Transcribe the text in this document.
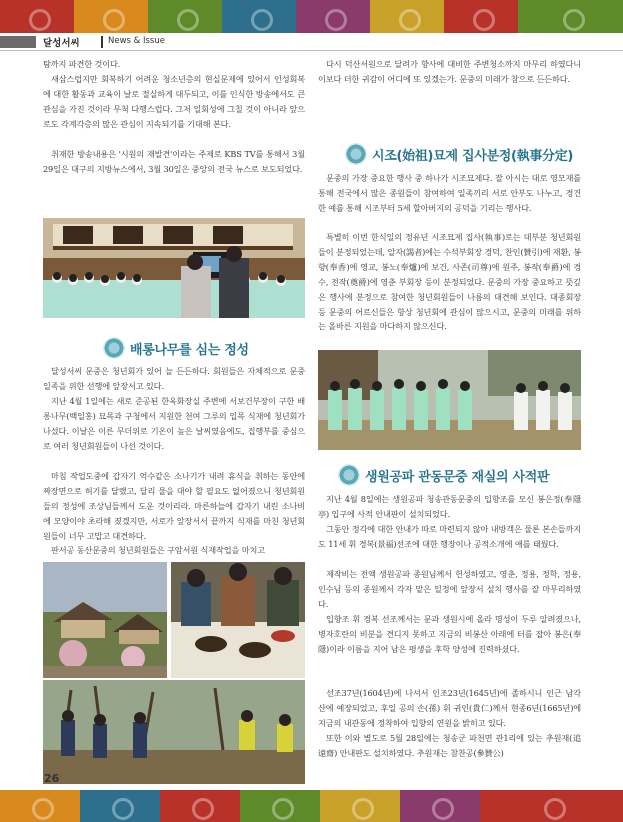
달성서씨	News & Issue
탐까지 파견한 것이다.
새삼스럽지만 회복하기 어려운 청소년층의 현실문제에 있어서 인성회복에 대한 활동과 교육이 날로 절실하게 대두되고, 이를 인식한 방송에서도 큰 관심을 가진 것이라 무척 다행스럽다. 그저 일회성에 그칠 것이 아니라 앞으로도 각계각층의 많은 관심이 지속되기를 기대해 본다.
취재한 방송내용은 '시원의 재발견'이라는 주제로 KBS TV를 통해서 3월 29일은 대구의 지방뉴스에서, 3월 30일은 중앙의 전국 뉴스로 보도되었다.
배롱나무를 심는 정성
달성서씨 문중은 청년회가 있어 늘 든든하다. 회원들은 자체적으로 문중일족을 위한 선행에 앞장서고 있다.
지난 4월 1일에는 새로 준공된 한옥화장실 주변에 서보건부장이 구한 배롱나무(백일홍) 묘목과 구청에서 지원한 천여 그루의 입목 식재에 청년회가 나섰다. 이날은 이른 무더위로 기온이 높은 날씨였음에도, 집행부를 중심으로 여러 청년회원들이 나선 것이다.
마침 작업도중에 갑자기 억수같은 소나기가 내려 휴식을 취하는 동안에 짜장면으로 허기를 달랬고, 달리 물을 대야 할 필요도 없어졌으니 청년회원들의 정성에 조상님들께서 도운 것이리라. 마른하늘에 갑자기 내린 소나비에 모양이야 초라해 졌겠지만, 서로가 앞장서서 끝까지 식재를 마친 청년회원들이 너무 고맙고 대견하다.
판서공 동산문중의 청년회원들은 구암서원 식재작업을 마치고
다시 덕산서원으로 달려가 향사에 대비한 주변청소까지 마무리 하였다니 이보다 더한 귀감이 어디에 또 있겠는가. 문중의 미래가 참으로 든든하다.
시조(始祖)묘제 집사분정(執事分定)
문중의 가장 중요한 행사 중 하나가 시조묘제다. 잘 아시는 대로 영모재를 통해 전국에서 많은 종원들이 참여하여 일족끼리 서로 안부도 나누고, 경건한 예를 통해 시조부터 5세 할아버지의 공덕을 기리는 행사다.
특별히 이번 한식일의 정유년 시조묘제 집사(執事)로는 대부분 청년회원들이 분정되었는데, 알자(謁者)에는 수석부회장 경덕, 찬인(贊引)에 재환, 봉향(奉香)에 영교, 봉노(奉爐)에 보건, 사존(司尊)에 원주, 봉작(奉爵)에 경수, 전작(奠爵)에 영춘 부회장 등이 분정되었다. 문중의 가장 중요하고 뜻깊은 행사에 분정으로 참여한 청년회원들이 나름의 대견해 보인다. 대종회장 등 문중의 어르신들은 항상 청년회에 관심이 많으시고, 문중의 미래를 위하는 올바른 지원을 마다하지 않으신다.
생원공파 관동문중 재실의 사적판
지난 4월 8일에는 생원공파 청송관동문중의 입향조를 모신 봉은정(奉隱亭) 입구에 사적 안내판이 설치되었다.
그동안 정각에 대한 안내가 따로 마련되지 않아 내방객은 물론 본손들까지도 11세 휘 경복(景福)선조에 대한 행장이나 공적소개에 애를 태웠다.
제작비는 전액 생원공파 종원님께서 헌성하였고, 영춘, 정용, 정학, 정용, 인수님 등의 종원께서 각자 맡은 일정에 앞장서 설치 행사를 잘 마무리하였다.
입향조 휘 경복 선조께서는 문과 생원시에 올라 명성이 두루 알려졌으나, 병자호란의 비분을 견디지 못하고 지금의 비봉산 아래에 터를 잡아 봉은(奉隱)이라 이름을 지어 남은 평생을 후학 양성에 진력하셨다.
선조37년(1604년)에 나셔서 인조23년(1645년)에 졸하시니 인근 남각산에 예장되었고, 후일 공의 손(孫) 휘 귀인(貴仁)께서 현종6년(1665년)에 지금의 내관동에 정착하여 입향의 연원을 밝히고 있다.
또한 이와 별도로 5월 28일에는 청송군 파천면 관1리에 있는 추원재(追遠齋) 안내판도 설치하였다. 추원재는 참찬공(參贊公)
26
